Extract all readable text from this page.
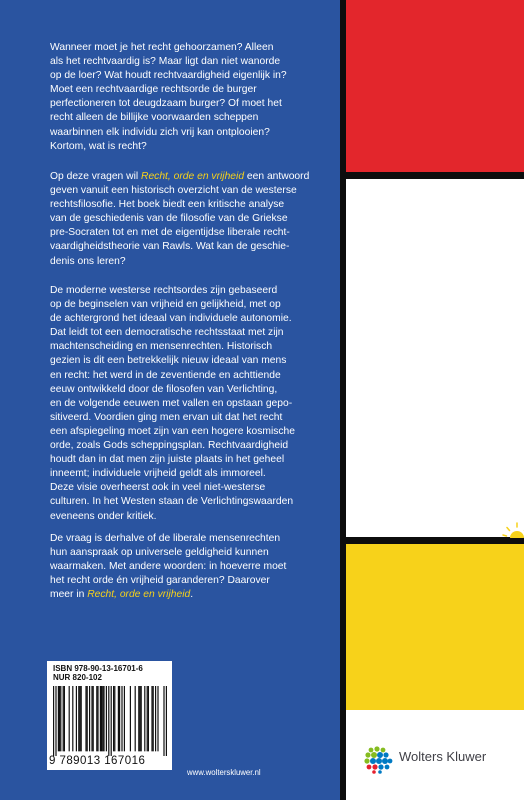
Wanneer moet je het recht gehoorzamen? Alleen
als het rechtvaardig is? Maar ligt dan niet wanorde
op de loer? Wat houdt rechtvaardigheid eigenlijk in?
Moet een rechtvaardige rechtsorde de burger
perfectioneren tot deugdzaam burger? Of moet het
recht alleen de billijke voorwaarden scheppen
waarbinnen elk individu zich vrij kan ontplooien?
Kortom, wat is recht?
Op deze vragen wil Recht, orde en vrijheid een antwoord
geven vanuit een historisch overzicht van de westerse
rechtsfilosofie. Het boek biedt een kritische analyse
van de geschiedenis van de filosofie van de Griekse
pre-Socraten tot en met de eigentijdse liberale recht-
vaardigheidstheorie van Rawls. Wat kan de geschie-
denis ons leren?
De moderne westerse rechtsordes zijn gebaseerd
op de beginselen van vrijheid en gelijkheid, met op
de achtergrond het ideaal van individuele autonomie.
Dat leidt tot een democratische rechtsstaat met zijn
machtenscheiding en mensenrechten. Historisch
gezien is dit een betrekkelijk nieuw ideaal van mens
en recht: het werd in de zeventiende en achttiende
eeuw ontwikkeld door de filosofen van Verlichting,
en de volgende eeuwen met vallen en opstaan gepo-
sitiveerd. Voordien ging men ervan uit dat het recht
een afspiegeling moet zijn van een hogere kosmische
orde, zoals Gods scheppingsplan. Rechtvaardigheid
houdt dan in dat men zijn juiste plaats in het geheel
inneemt; individuele vrijheid geldt als immoreel.
Deze visie overheerst ook in veel niet-westerse
culturen. In het Westen staan de Verlichtingswaarden
eveneens onder kritiek.
De vraag is derhalve of de liberale mensenrechten
hun aanspraak op universele geldigheid kunnen
waarmaken. Met andere woorden: in hoeverre moet
het recht orde én vrijheid garanderen? Daarover
meer in Recht, orde en vrijheid.
ISBN 978-90-13-16701-6
NUR 820-102
9 789013 167016
www.wolterskluwer.nl
Wolters Kluwer
